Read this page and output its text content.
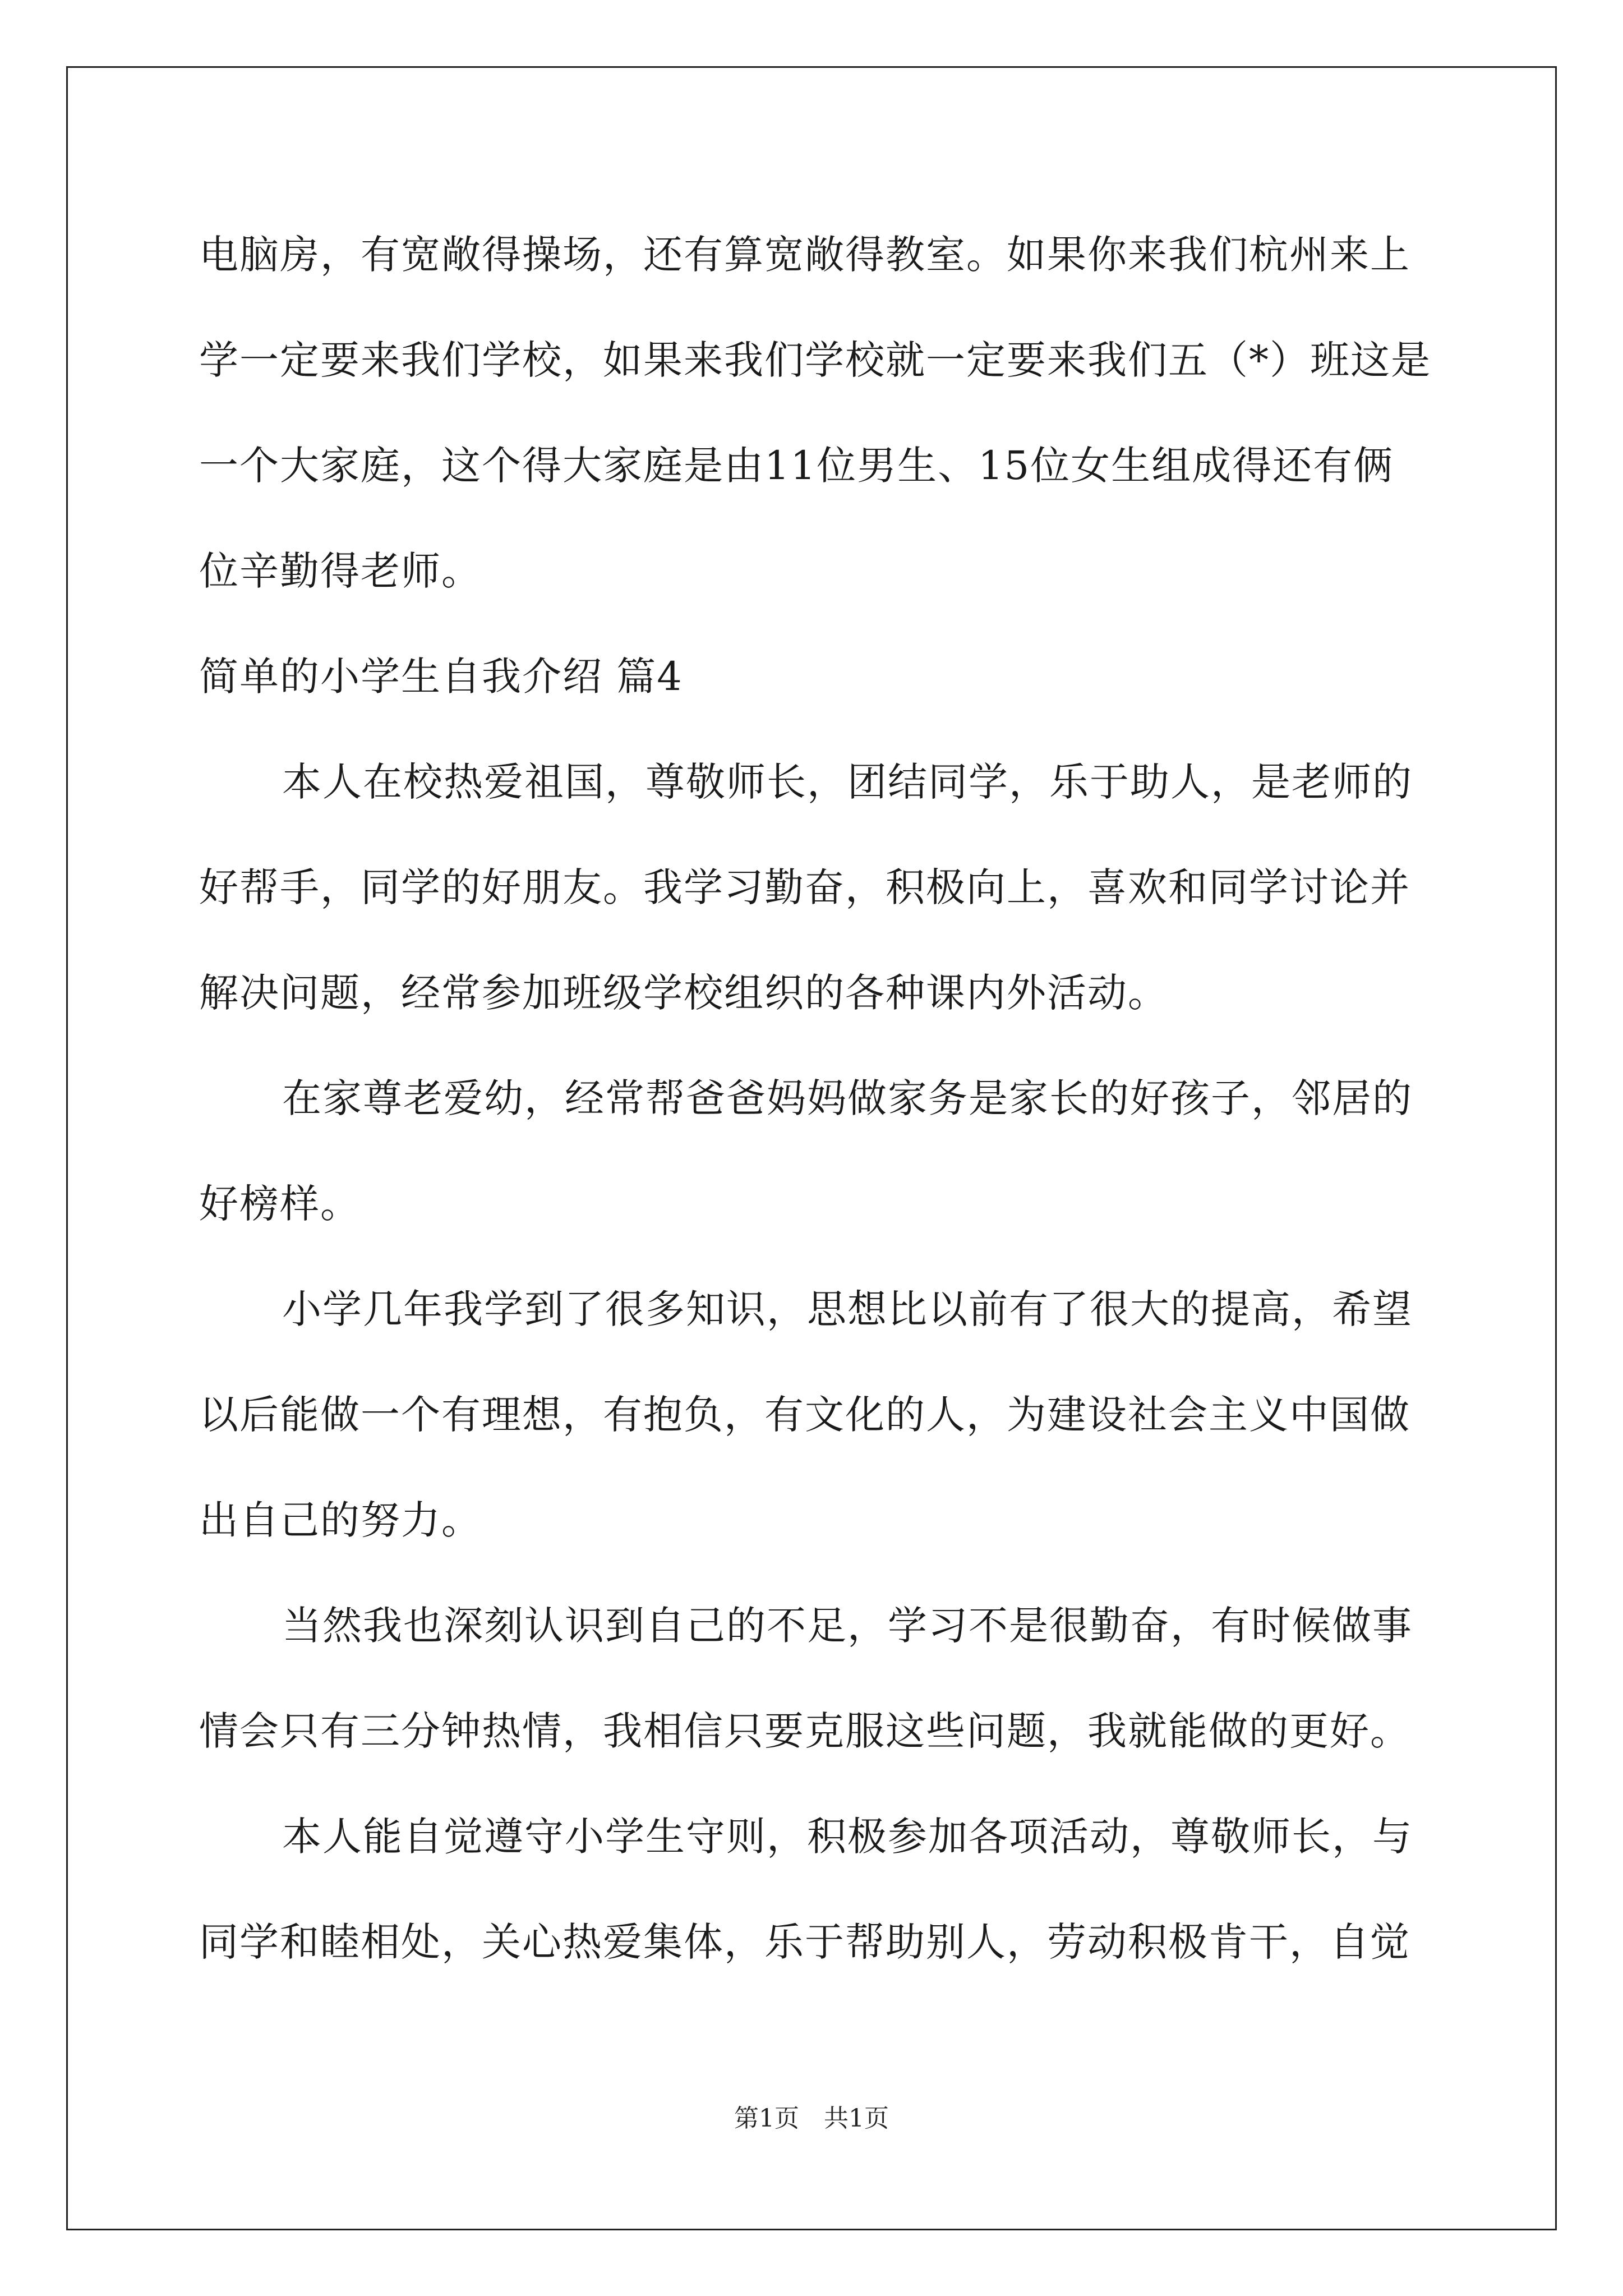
电脑房，有宽敞得操场，还有算宽敞得教室。如果你来我们杭州来上
学一定要来我们学校，如果来我们学校就一定要来我们五（*）班这是
一个大家庭，这个得大家庭是由11位男生、15位女生组成得还有俩
位辛勤得老师。
简单的小学生自我介绍 篇4
本人在校热爱祖国，尊敬师长，团结同学，乐于助人，是老师的
好帮手，同学的好朋友。我学习勤奋，积极向上，喜欢和同学讨论并
解决问题，经常参加班级学校组织的各种课内外活动。
在家尊老爱幼，经常帮爸爸妈妈做家务是家长的好孩子，邻居的
好榜样。
小学几年我学到了很多知识，思想比以前有了很大的提高，希望
以后能做一个有理想，有抱负，有文化的人，为建设社会主义中国做
出自己的努力。
当然我也深刻认识到自己的不足，学习不是很勤奋，有时候做事
情会只有三分钟热情，我相信只要克服这些问题，我就能做的更好。
本人能自觉遵守小学生守则，积极参加各项活动，尊敬师长，与
同学和睦相处，关心热爱集体，乐于帮助别人，劳动积极肯干，自觉
第1页　共1页
